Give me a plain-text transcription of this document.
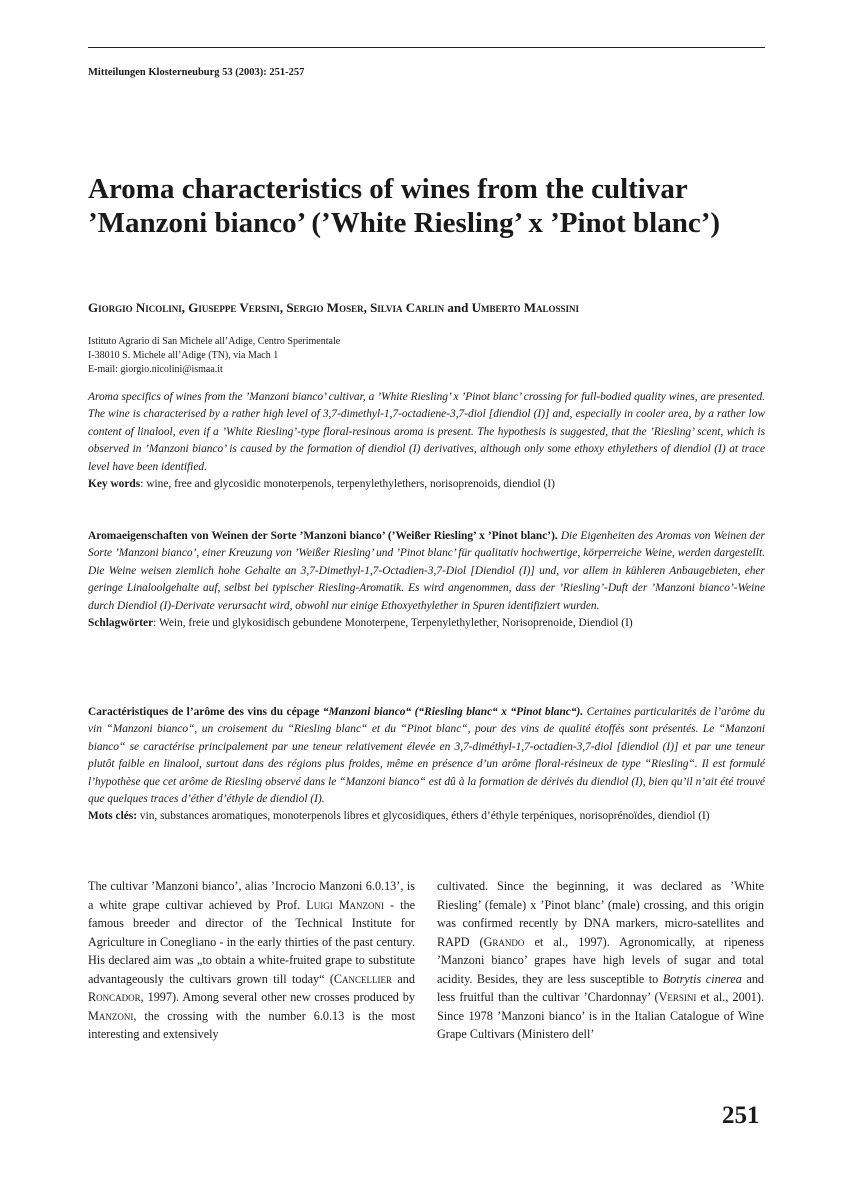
Mitteilungen Klosterneuburg 53 (2003): 251-257
Aroma characteristics of wines from the cultivar
’Manzoni bianco’ (’White Riesling’ x ’Pinot blanc’)
Giorgio Nicolini, Giuseppe Versini, Sergio Moser, Silvia Carlin and Umberto Malossini
Istituto Agrario di San Michele all’Adige, Centro Sperimentale
I-38010 S. Michele all’Adige (TN), via Mach 1
E-mail: giorgio.nicolini@ismaa.it

Aroma specifics of wines from the ’Manzoni bianco’ cultivar, a ’White Riesling’ x ’Pinot blanc’ crossing for full-bodied quality wines, are presented. The wine is characterised by a rather high level of 3,7-dimethyl-1,7-octadiene-3,7-diol [diendiol (I)] and, especially in cooler area, by a rather low content of linalool, even if a ’White Riesling’-type floral-resinous aroma is present. The hypothesis is suggested, that the ’Riesling’ scent, which is observed in ’Manzoni bianco’ is caused by the formation of diendiol (I) derivatives, although only some ethoxy ethylethers of diendiol (I) at trace level have been identified.
Key words: wine, free and glycosidic monoterpenols, terpenylethylethers, norisoprenoids, diendiol (I)

Aromaeigenschaften von Weinen der Sorte ’Manzoni bianco’ (’Weißer Riesling’ x ’Pinot blanc’). Die Eigenheiten des Aromas von Weinen der Sorte ’Manzoni bianco’, einer Kreuzung von ’Weißer Riesling’ und ’Pinot blanc’ für qualitativ hochwertige, körperreiche Weine, werden dargestellt. Die Weine weisen ziemlich hohe Gehalte an 3,7-Dimethyl-1,7-Octadien-3,7-Diol [Diendiol (I)] und, vor allem in kühleren Anbaugebieten, eher geringe Linaloolgehalte auf, selbst bei typischer Riesling-Aromatik. Es wird angenommen, dass der ’Riesling’-Duft der ’Manzoni bianco’-Weine durch Diendiol (I)-Derivate verursacht wird, obwohl nur einige Ethoxyethylether in Spuren identifiziert wurden.
Schlagwörter: Wein, freie und glykosidisch gebundene Monoterpene, Terpenylethylether, Norisoprenoide, Diendiol (I)

Caractéristiques de l’arôme des vins du cépage “Manzoni bianco“ (“Riesling blanc“ x “Pinot blanc“). Certaines particularités de l’arôme du vin “Manzoni bianco“, un croisement du “Riesling blanc“ et du “Pinot blanc“, pour des vins de qualité étoffés sont présentés. Le “Manzoni bianco“ se caractérise principalement par une teneur relativement élevée en 3,7-diméthyl-1,7-octadien-3,7-diol [diendiol (I)] et par une teneur plutôt faible en linalool, surtout dans des régions plus froides, même en présence d’un arôme floral-résineux de type “Riesling“. Il est formulé l’hypothèse que cet arôme de Riesling observé dans le “Manzoni bianco“ est dû à la formation de dérivés du diendiol (I), bien qu’il n’ait été trouvé que quelques traces d’éther d’éthyle de diendiol (I).
Mots clés: vin, substances aromatiques, monoterpenols libres et glycosidiques, éthers d’éthyle terpéniques, norisoprénoïdes, diendiol (I)

The cultivar ’Manzoni bianco’, alias ’Incrocio Manzoni 6.0.13’, is a white grape cultivar achieved by Prof. Luigi Manzoni - the famous breeder and director of the Technical Institute for Agriculture in Conegliano - in the early thirties of the past century. His declared aim was „to obtain a white-fruited grape to substitute advantageously the cultivars grown till today“ (Cancellier and Roncador, 1997). Among several other new crosses produced by Manzoni, the crossing with the number 6.0.13 is the most interesting and extensively

cultivated. Since the beginning, it was declared as ’White Riesling’ (female) x ’Pinot blanc’ (male) crossing, and this origin was confirmed recently by DNA markers, micro-satellites and RAPD (Grando et al., 1997). Agronomically, at ripeness ’Manzoni bianco’ grapes have high levels of sugar and total acidity. Besides, they are less susceptible to Botrytis cinerea and less fruitful than the cultivar ’Chardonnay’ (Versini et al., 2001). Since 1978 ’Manzoni bianco’ is in the Italian Catalogue of Wine Grape Cultivars (Ministero dell’

251
